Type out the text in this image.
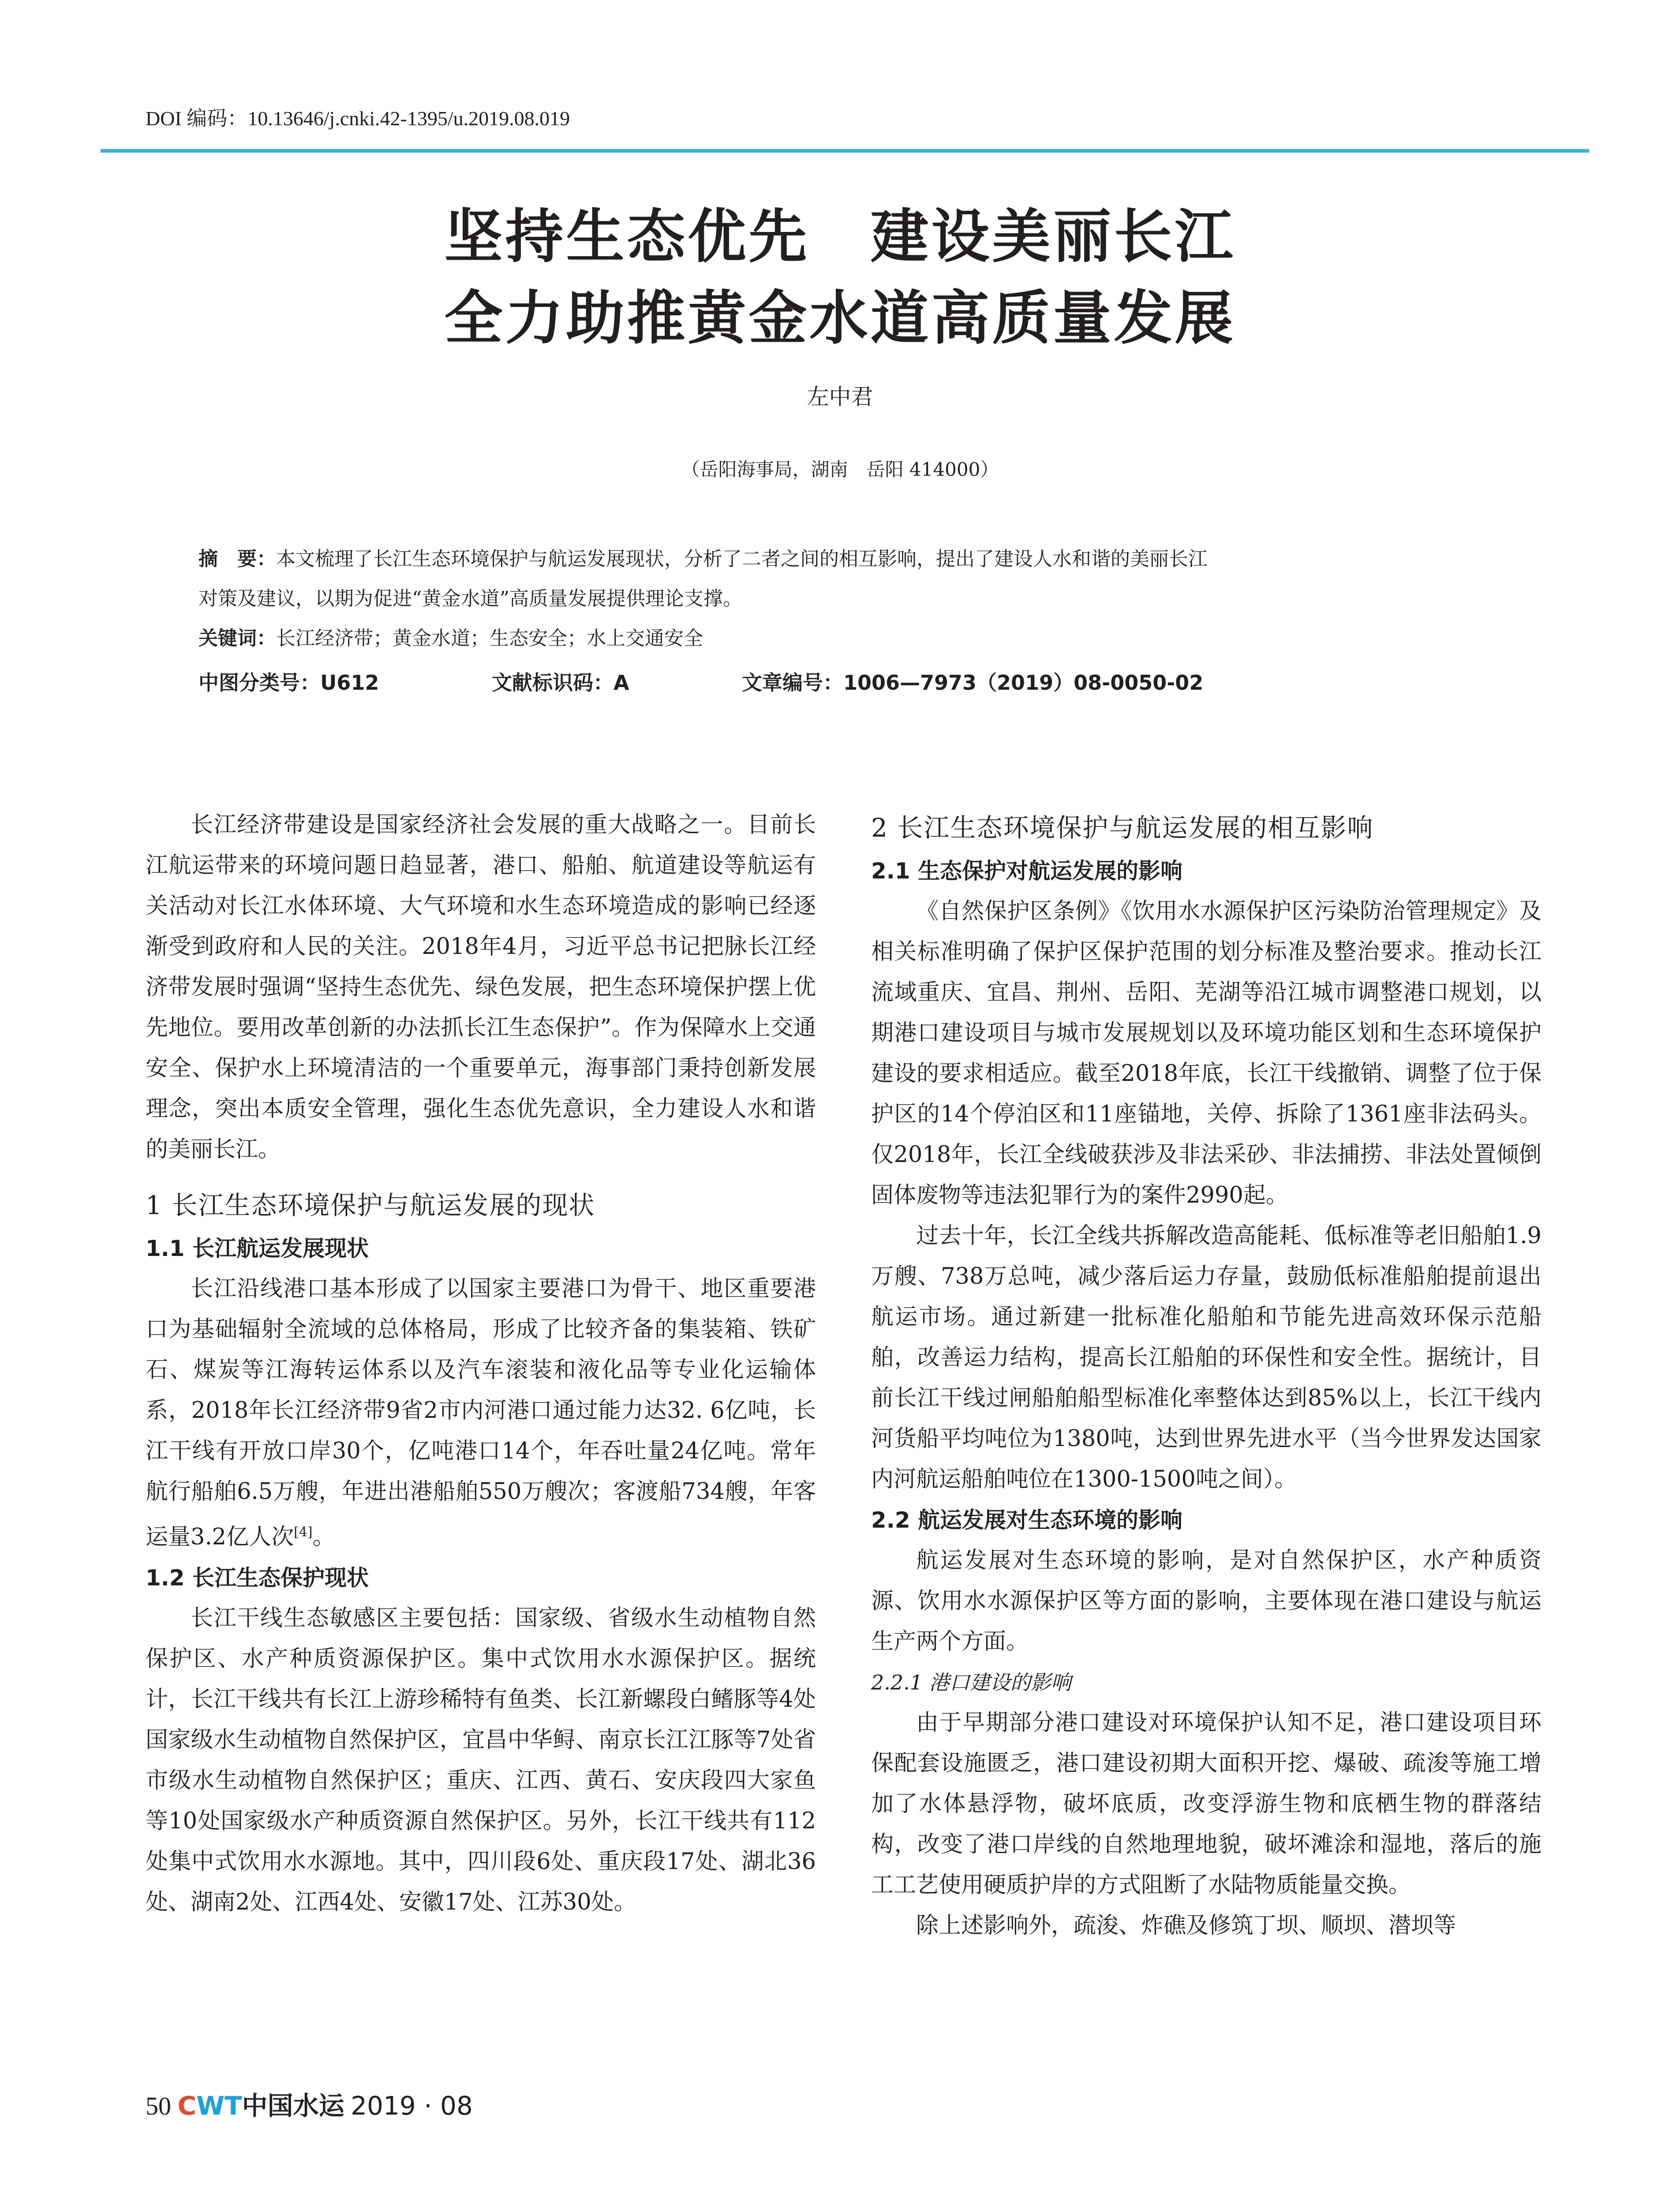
DOI 编码：10.13646/j.cnki.42-1395/u.2019.08.019
坚持生态优先　建设美丽长江
全力助推黄金水道高质量发展
左中君
（岳阳海事局，湖南　岳阳 414000）
摘　要：本文梳理了长江生态环境保护与航运发展现状，分析了二者之间的相互影响，提出了建设人水和谐的美丽长江
对策及建议，以期为促进“黄金水道”高质量发展提供理论支撑。
关键词：长江经济带；黄金水道；生态安全；水上交通安全
中图分类号：U612	文献标识码：A	文章编号：1006—7973（2019）08-0050-02

长江经济带建设是国家经济社会发展的重大战略之一。目前长江航运带来的环境问题日趋显著，港口、船舶、航道建设等航运有关活动对长江水体环境、大气环境和水生态环境造成的影响已经逐渐受到政府和人民的关注。2018年4月，习近平总书记把脉长江经济带发展时强调“坚持生态优先、绿色发展，把生态环境保护摆上优先地位。要用改革创新的办法抓长江生态保护”。作为保障水上交通安全、保护水上环境清洁的一个重要单元，海事部门秉持创新发展理念，突出本质安全管理，强化生态优先意识，全力建设人水和谐的美丽长江。

1 长江生态环境保护与航运发展的现状
1.1 长江航运发展现状

长江沿线港口基本形成了以国家主要港口为骨干、地区重要港口为基础辐射全流域的总体格局，形成了比较齐备的集装箱、铁矿石、煤炭等江海转运体系以及汽车滚装和液化品等专业化运输体系，2018年长江经济带9省2市内河港口通过能力达32. 6亿吨，长江干线有开放口岸30个，亿吨港口14个，年吞吐量24亿吨。常年航行船舶6.5万艘，年进出港船舶550万艘次；客渡船734艘，年客运量3.2亿人次[4]。

1.2 长江生态保护现状

长江干线生态敏感区主要包括：国家级、省级水生动植物自然保护区、水产种质资源保护区。集中式饮用水水源保护区。据统计，长江干线共有长江上游珍稀特有鱼类、长江新螺段白鳍豚等4处国家级水生动植物自然保护区，宜昌中华鲟、南京长江江豚等7处省市级水生动植物自然保护区；重庆、江西、黄石、安庆段四大家鱼等10处国家级水产种质资源自然保护区。另外，长江干线共有112处集中式饮用水水源地。其中，四川段6处、重庆段17处、湖北36处、湖南2处、江西4处、安徽17处、江苏30处。

2 长江生态环境保护与航运发展的相互影响
2.1 生态保护对航运发展的影响

《自然保护区条例》《饮用水水源保护区污染防治管理规定》及相关标准明确了保护区保护范围的划分标准及整治要求。推动长江流域重庆、宜昌、荆州、岳阳、芜湖等沿江城市调整港口规划，以期港口建设项目与城市发展规划以及环境功能区划和生态环境保护建设的要求相适应。截至2018年底，长江干线撤销、调整了位于保护区的14个停泊区和11座锚地，关停、拆除了1361座非法码头。仅2018年，长江全线破获涉及非法采砂、非法捕捞、非法处置倾倒固体废物等违法犯罪行为的案件2990起。

过去十年，长江全线共拆解改造高能耗、低标准等老旧船舶1.9万艘、738万总吨，减少落后运力存量，鼓励低标准船舶提前退出航运市场。通过新建一批标准化船舶和节能先进高效环保示范船舶，改善运力结构，提高长江船舶的环保性和安全性。据统计，目前长江干线过闸船舶船型标准化率整体达到85%以上，长江干线内河货船平均吨位为1380吨，达到世界先进水平（当今世界发达国家内河航运船舶吨位在1300-1500吨之间）。

2.2 航运发展对生态环境的影响

航运发展对生态环境的影响，是对自然保护区，水产种质资源、饮用水水源保护区等方面的影响，主要体现在港口建设与航运生产两个方面。

2.2.1 港口建设的影响

由于早期部分港口建设对环境保护认知不足，港口建设项目环保配套设施匮乏，港口建设初期大面积开挖、爆破、疏浚等施工增加了水体悬浮物，破坏底质，改变浮游生物和底栖生物的群落结构，改变了港口岸线的自然地理地貌，破坏滩涂和湿地，落后的施工工艺使用硬质护岸的方式阻断了水陆物质能量交换。

除上述影响外，疏浚、炸礁及修筑丁坝、顺坝、潜坝等

50 CWT中国水运 2019 · 08
